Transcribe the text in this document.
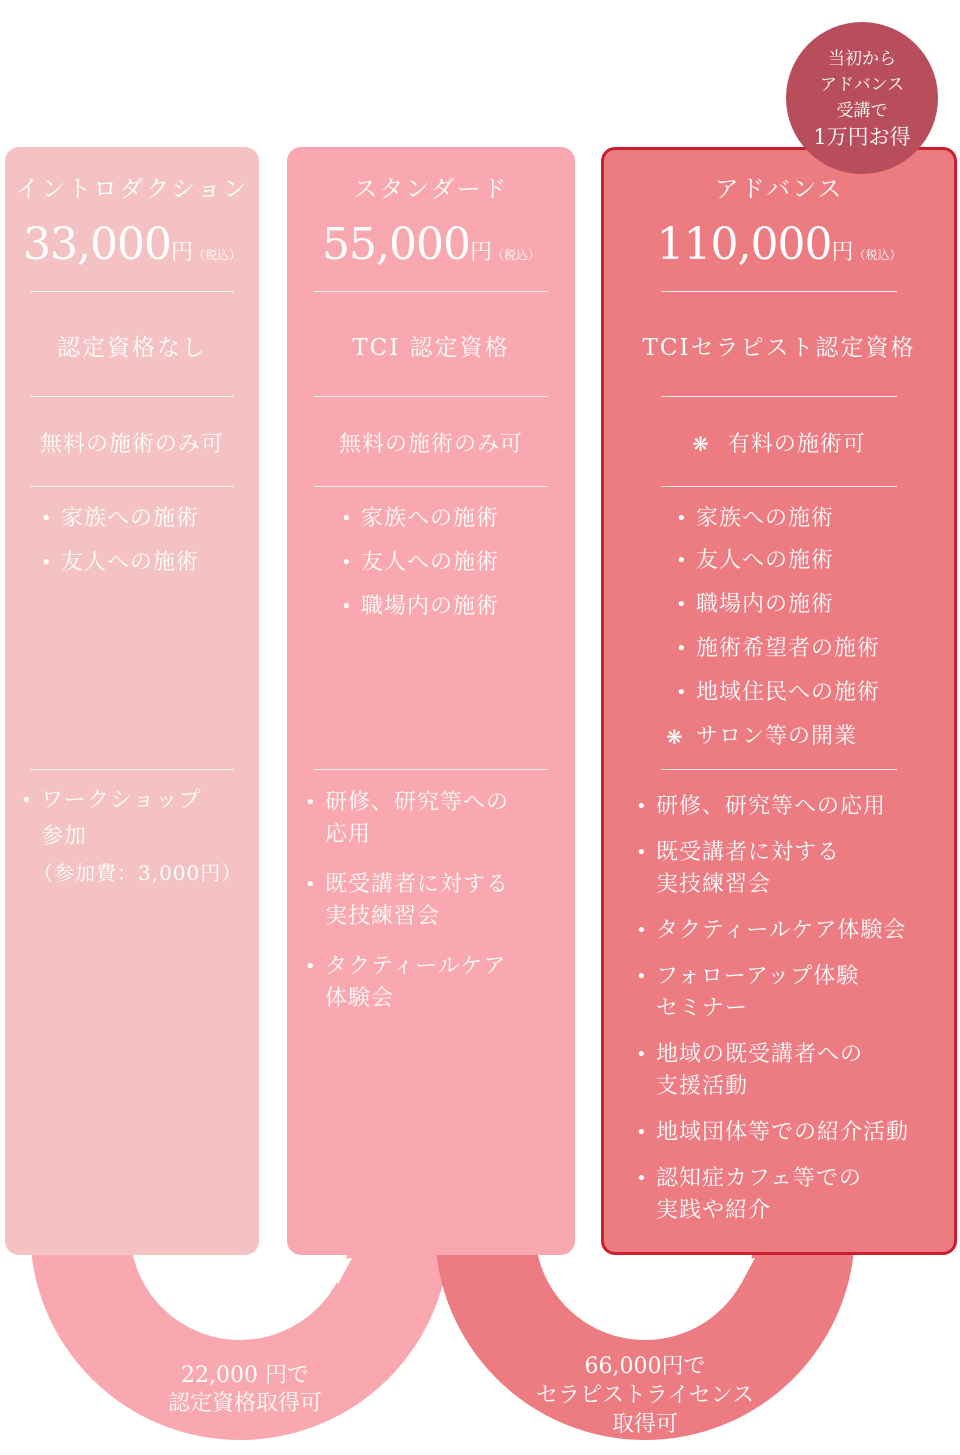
イントロダクション
33,000円（税込）
認定資格なし
無料の施術のみ可
• 家族への施術
• 友人への施術
• ワークショップ
参加
（参加費：3,000円）
スタンダード
55,000円（税込）
TCI 認定資格
無料の施術のみ可
• 家族への施術
• 友人への施術
• 職場内の施術
• 研修、研究等への
応用
• 既受講者に対する
実技練習会
• タクティールケア
体験会
アドバンス
110,000円（税込）
TCIセラピスト認定資格
❋ 有料の施術可
• 家族への施術
• 友人への施術
• 職場内の施術
• 施術希望者の施術
• 地域住民への施術
❋ サロン等の開業
• 研修、研究等への応用
• 既受講者に対する
実技練習会
• タクティールケア体験会
• フォローアップ体験
セミナー
• 地域の既受講者への
支援活動
• 地域団体等での紹介活動
• 認知症カフェ等での
実践や紹介
当初から
アドバンス
受講で
1万円お得
22,000 円で
認定資格取得可
66,000円で
セラピストライセンス
取得可
